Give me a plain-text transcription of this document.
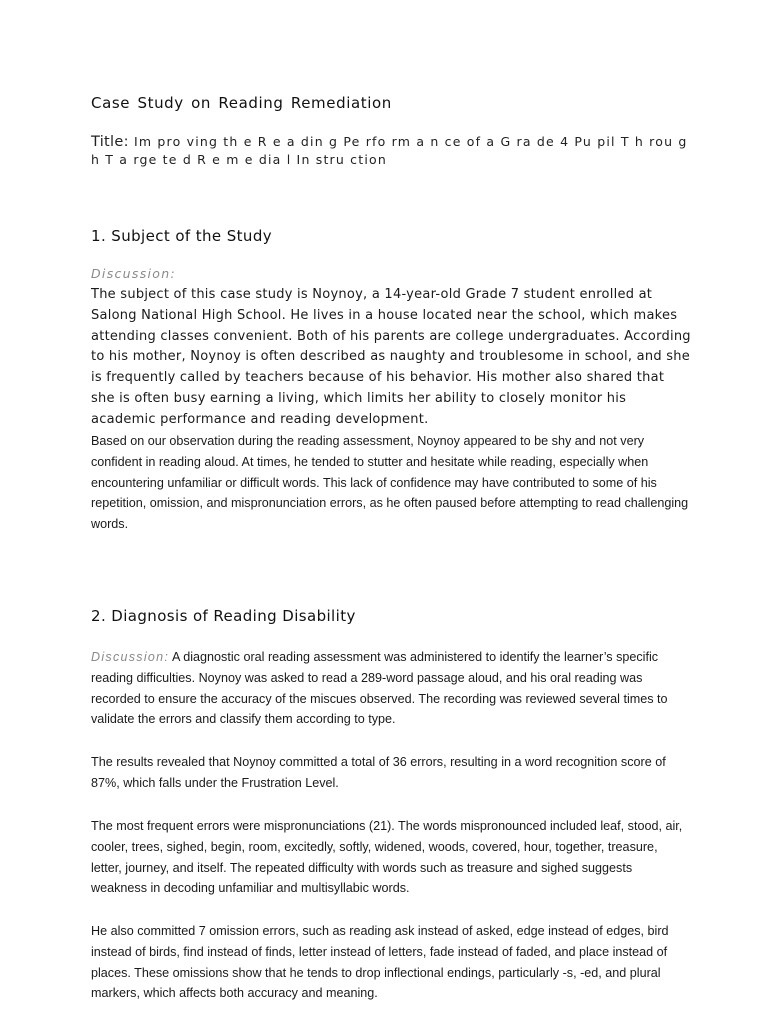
Case Study on Reading Remediation
Title: Im pro ving th e R e a din g Pe rfo rm a n ce of a G ra de 4 Pu pil T h rou g
h T a rge te d R e m e dia l In stru ction
1. Subject of the Study
Discussion:

The subject of this case study is Noynoy, a 14-year-old Grade 7 student enrolled at Salong National High School. He lives in a house located near the school, which makes attending classes convenient. Both of his parents are college undergraduates. According to his mother, Noynoy is often described as naughty and troublesome in school, and she is frequently called by teachers because of his behavior. His mother also shared that she is often busy earning a living, which limits her ability to closely monitor his academic performance and reading development.

Based on our observation during the reading assessment, Noynoy appeared to be shy and not very confident in reading aloud. At times, he tended to stutter and hesitate while reading, especially when encountering unfamiliar or difficult words. This lack of confidence may have contributed to some of his repetition, omission, and mispronunciation errors, as he often paused before attempting to read challenging words.

2. Diagnosis of Reading Disability

Discussion: A diagnostic oral reading assessment was administered to identify the learner’s specific reading difficulties. Noynoy was asked to read a 289-word passage aloud, and his oral reading was recorded to ensure the accuracy of the miscues observed. The recording was reviewed several times to validate the errors and classify them according to type.

The results revealed that Noynoy committed a total of 36 errors, resulting in a word recognition score of 87%, which falls under the Frustration Level.

The most frequent errors were mispronunciations (21). The words mispronounced included leaf, stood, air, cooler, trees, sighed, begin, room, excitedly, softly, widened, woods, covered, hour, together, treasure, letter, journey, and itself. The repeated difficulty with words such as treasure and sighed suggests weakness in decoding unfamiliar and multisyllabic words.

He also committed 7 omission errors, such as reading ask instead of asked, edge instead of edges, bird instead of birds, find instead of finds, letter instead of letters, fade instead of faded, and place instead of places. These omissions show that he tends to drop inflectional endings, particularly -s, -ed, and plural markers, which affects both accuracy and meaning.
